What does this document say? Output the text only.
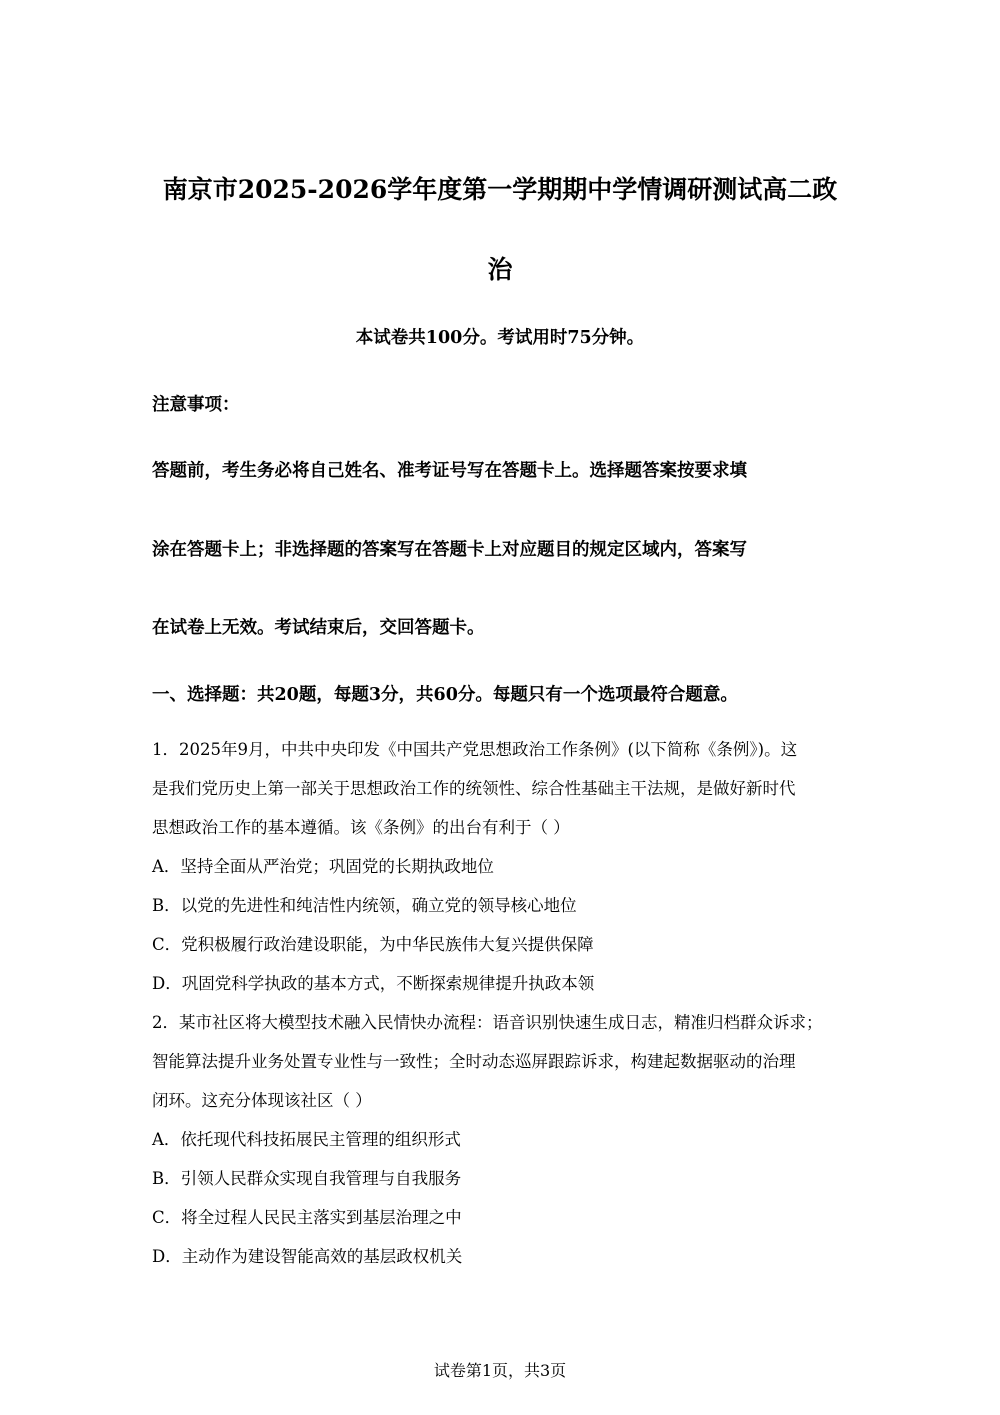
南京市2025-2026学年度第一学期期中学情调研测试高二政
治
本试卷共100分。考试用时75分钟。
注意事项：
答题前，考生务必将自己姓名、准考证号写在答题卡上。选择题答案按要求填
涂在答题卡上；非选择题的答案写在答题卡上对应题目的规定区域内，答案写
在试卷上无效。考试结束后，交回答题卡。
一、选择题：共20题，每题3分，共60分。每题只有一个选项最符合题意。
1．2025年9月，中共中央印发《中国共产党思想政治工作条例》(以下简称《条例》)。这
是我们党历史上第一部关于思想政治工作的统领性、综合性基础主干法规，是做好新时代
思想政治工作的基本遵循。该《条例》的出台有利于（ ）
A．坚持全面从严治党；巩固党的长期执政地位
B．以党的先进性和纯洁性内统领，确立党的领导核心地位
C．党积极履行政治建设职能，为中华民族伟大复兴提供保障
D．巩固党科学执政的基本方式，不断探索规律提升执政本领
2．某市社区将大模型技术融入民情快办流程：语音识别快速生成日志，精准归档群众诉求；
智能算法提升业务处置专业性与一致性；全时动态巡屏跟踪诉求，构建起数据驱动的治理
闭环。这充分体现该社区（ ）
A．依托现代科技拓展民主管理的组织形式
B．引领人民群众实现自我管理与自我服务
C．将全过程人民民主落实到基层治理之中
D．主动作为建设智能高效的基层政权机关
试卷第1页，共3页
